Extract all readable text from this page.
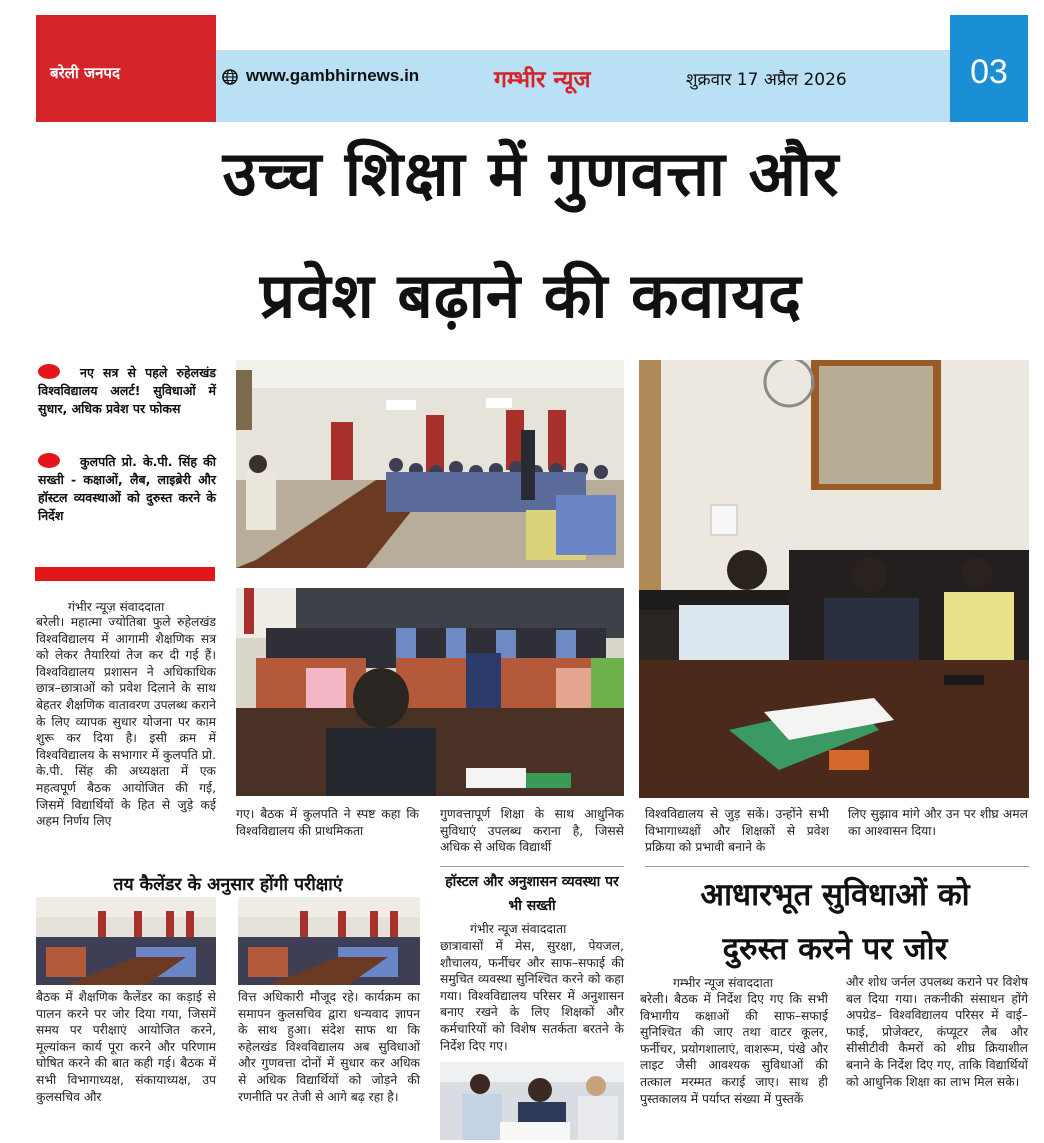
बरेली जनपद	www.gambhirnews.in	गम्भीर न्यूज	शुक्रवार 17 अप्रैल 2026	03
उच्च शिक्षा में गुणवत्ता और
प्रवेश बढ़ाने की कवायद
नए सत्र से पहले रुहेलखंड विश्वविद्यालय अलर्ट! सुविधाओं में सुधार, अधिक प्रवेश पर फोकस
कुलपति प्रो. के.पी. सिंह की सख्ती - कक्षाओं, लैब, लाइब्रेरी और हॉस्टल व्यवस्थाओं को दुरुस्त करने के निर्देश
गंभीर न्यूज़ संवाददाता
बरेली। महात्मा ज्योतिबा फुले रुहेलखंड विश्वविद्यालय में आगामी शैक्षणिक सत्र को लेकर तैयारियां तेज कर दी गई हैं। विश्वविद्यालय प्रशासन ने अधिकाधिक छात्र–छात्राओं को प्रवेश दिलाने के साथ बेहतर शैक्षणिक वातावरण उपलब्ध कराने के लिए व्यापक सुधार योजना पर काम शुरू कर दिया है। इसी क्रम में विश्वविद्यालय के सभागार में कुलपति प्रो. के.पी. सिंह की अध्यक्षता में एक महत्वपूर्ण बैठक आयोजित की गई, जिसमें विद्यार्थियों के हित से जुड़े कई अहम निर्णय लिए
गए। बैठक में कुलपति ने स्पष्ट कहा कि विश्वविद्यालय की प्राथमिकता
गुणवत्तापूर्ण शिक्षा के साथ आधुनिक सुविधाएं उपलब्ध कराना है, जिससे अधिक से अधिक विद्यार्थी
विश्वविद्यालय से जुड़ सकें। उन्होंने सभी विभागाध्यक्षों और शिक्षकों से प्रवेश प्रक्रिया को प्रभावी बनाने के
लिए सुझाव मांगे और उन पर शीघ्र अमल का आश्वासन दिया।
तय कैलेंडर के अनुसार होंगी परीक्षाएं
बैठक में शैक्षणिक कैलेंडर का कड़ाई से पालन करने पर जोर दिया गया, जिसमें समय पर परीक्षाएं आयोजित करने, मूल्यांकन कार्य पूरा करने और परिणाम घोषित करने की बात कही गई। बैठक में सभी विभागाध्यक्ष, संकायाध्यक्ष, उप कुलसचिव और
वित्त अधिकारी मौजूद रहे। कार्यक्रम का समापन कुलसचिव द्वारा धन्यवाद ज्ञापन के साथ हुआ। संदेश साफ था कि रुहेलखंड विश्वविद्यालय अब सुविधाओं और गुणवत्ता दोनों में सुधार कर अधिक से अधिक विद्यार्थियों को जोड़ने की रणनीति पर तेजी से आगे बढ़ रहा है।
हॉस्टल और अनुशासन व्यवस्था पर भी सख्ती
गंभीर न्यूज संवाददाता
छात्रावासों में मेस, सुरक्षा, पेयजल, शौचालय, फर्नीचर और साफ–सफाई की समुचित व्यवस्था सुनिश्चित करने को कहा गया। विश्वविद्यालय परिसर में अनुशासन बनाए रखने के लिए शिक्षकों और कर्मचारियों को विशेष सतर्कता बरतने के निर्देश दिए गए।
आधारभूत सुविधाओं को
दुरुस्त करने पर जोर
गम्भीर न्यूज संवाददाता
बरेली। बैठक में निर्देश दिए गए कि सभी विभागीय कक्षाओं की साफ–सफाई सुनिश्चित की जाए तथा वाटर कूलर, फर्नीचर, प्रयोगशालाएं, वाशरूम, पंखे और लाइट जैसी आवश्यक सुविधाओं की तत्काल मरम्मत कराई जाए। साथ ही पुस्तकालय में पर्याप्त संख्या में पुस्तकें
और शोध जर्नल उपलब्ध कराने पर विशेष बल दिया गया। तकनीकी संसाधन होंगे अपग्रेड– विश्वविद्यालय परिसर में वाई–फाई, प्रोजेक्टर, कंप्यूटर लैब और सीसीटीवी कैमरों को शीघ्र क्रियाशील बनाने के निर्देश दिए गए, ताकि विद्यार्थियों को आधुनिक शिक्षा का लाभ मिल सके।
